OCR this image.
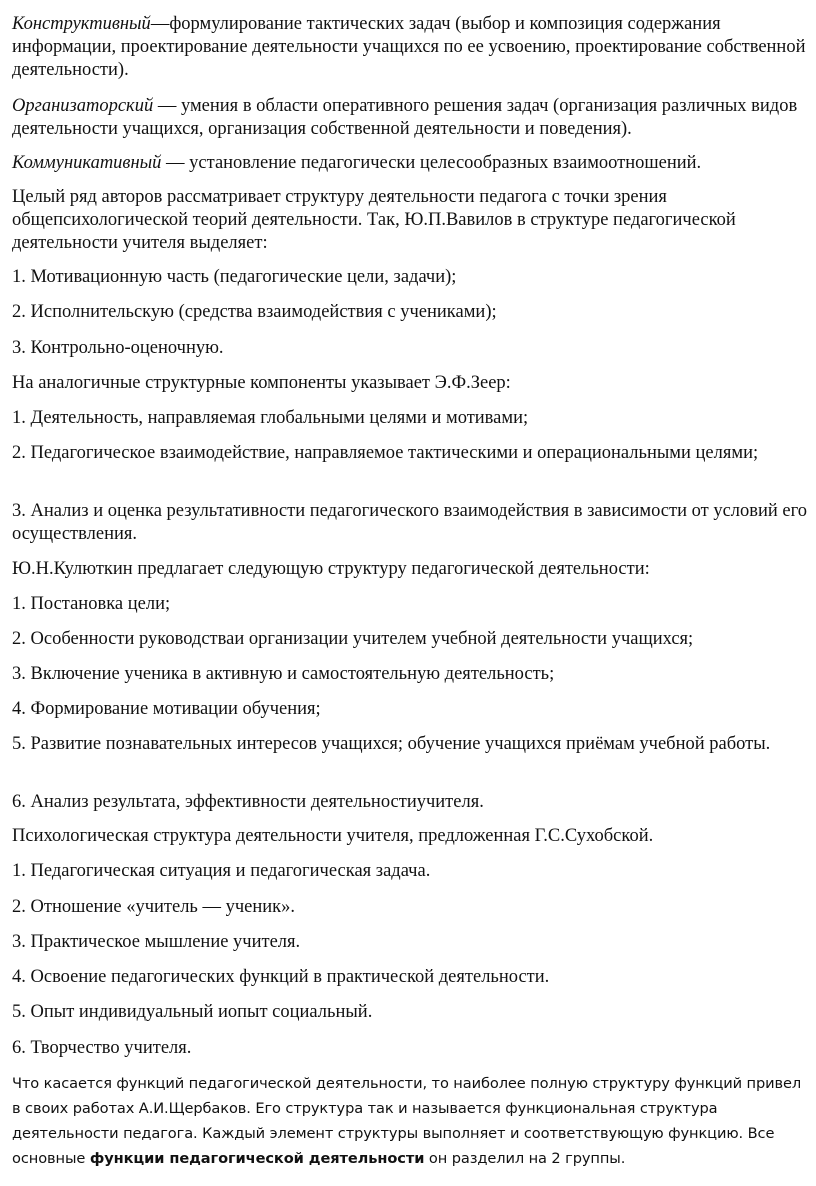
Конструктивный—формулирование тактических задач (выбор и композиция содержания информации, проектирование деятельности учащихся по ее усвоению, проектирование собственной деятельности).

Организаторский — умения в области оперативного решения задач (организация различных видов деятельности учащихся, организация собственной деятельности и поведения).

Коммуникативный — установление педагогически целесообразных взаимоотношений.

Целый ряд авторов рассматривает структуру деятельности педагога с точки зрения общепсихологической теорий деятельности. Так, Ю.П.Вавилов в структуре педагогической деятельности учителя выделяет:

1. Мотивационную часть (педагогические цели, задачи);

2. Исполнительскую (средства взаимодействия с учениками);

3. Контрольно-оценочную.

На аналогичные структурные компоненты указывает Э.Ф.Зеер:

1. Деятельность, направляемая глобальными целями и мотивами;

2. Педагогическое взаимодействие, направляемое тактическими и операциональными целями;

3. Анализ и оценка результативности педагогического взаимодействия в зависимости от условий его осуществления.

Ю.Н.Кулюткин предлагает следующую структуру педагогической деятельности:

1. Постановка цели;

2. Особенности руководстваи организации учителем учебной деятельности учащихся;

3. Включение ученика в активную и самостоятельную деятельность;

4. Формирование мотивации обучения;

5. Развитие познавательных интересов учащихся; обучение учащихся приёмам учебной работы.

6. Анализ результата, эффективности деятельностиучителя.

Психологическая структура деятельности учителя, предложенная Г.С.Сухобской.

1. Педагогическая ситуация и педагогическая задача.

2. Отношение «учитель — ученик».

3. Практическое мышление учителя.

4. Освоение педагогических функций в практической деятельности.

5. Опыт индивидуальный иопыт социальный.

6. Творчество учителя.

Что касается функций педагогической деятельности, то наиболее полную структуру функций привел в своих работах А.И.Щербаков. Его структура так и называется функциональная структура деятельности педагога. Каждый элемент структуры выполняет и соответствующую функцию. Все основные функции педагогической деятельности он разделил на 2 группы.
